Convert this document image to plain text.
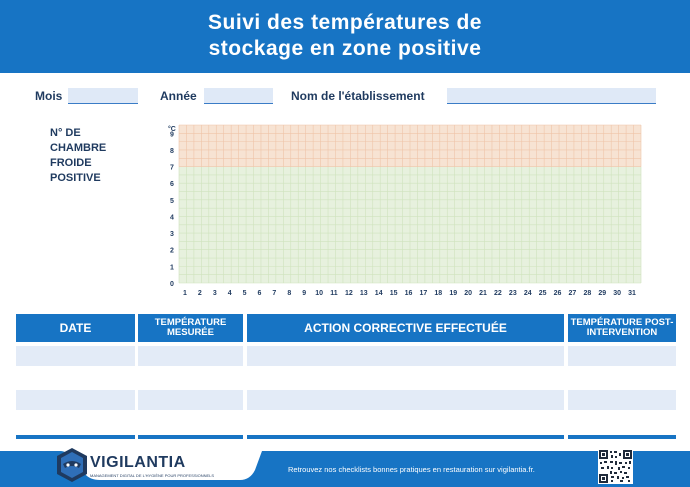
Suivi des températures de
stockage en zone positive
Mois	Année	Nom de l'établissement
N° DE
CHAMBRE
FROIDE
POSITIVE
°C
9
8
7
6
5
4
3
2
1
0
1 2 3 4 5 6 7 8 9 10 11 12 13 14 15 16 17 18 19 20 21 22 23 24 25 26 27 28 29 30 31
DATE	TEMPÉRATURE MESURÉE	ACTION CORRECTIVE EFFECTUÉE	TEMPÉRATURE POST-INTERVENTION
VIGILANTIA
MANAGEMENT DIGITAL DE L'HYGIÈNE POUR PROFESSIONNELS
Retrouvez nos checklists bonnes pratiques en restauration sur vigilantia.fr.
